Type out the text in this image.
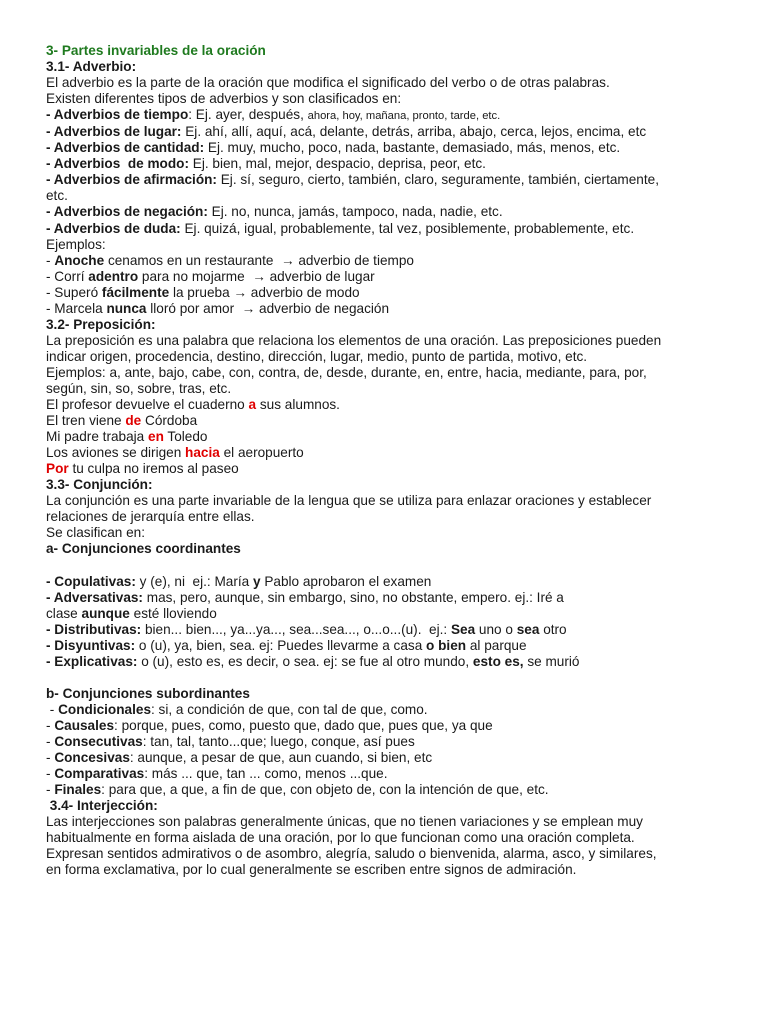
3- Partes invariables de la oración
3.1- Adverbio:
El adverbio es la parte de la oración que modifica el significado del verbo o de otras palabras.
Existen diferentes tipos de adverbios y son clasificados en:
- Adverbios de tiempo: Ej. ayer, después, ahora, hoy, mañana, pronto, tarde, etc.
- Adverbios de lugar: Ej. ahí, allí, aquí, acá, delante, detrás, arriba, abajo, cerca, lejos, encima, etc
- Adverbios de cantidad: Ej. muy, mucho, poco, nada, bastante, demasiado, más, menos, etc.
- Adverbios  de modo: Ej. bien, mal, mejor, despacio, deprisa, peor, etc.
- Adverbios de afirmación: Ej. sí, seguro, cierto, también, claro, seguramente, también, ciertamente,
etc.
- Adverbios de negación: Ej. no, nunca, jamás, tampoco, nada, nadie, etc.
- Adverbios de duda: Ej. quizá, igual, probablemente, tal vez, posiblemente, probablemente, etc.
Ejemplos:
- Anoche cenamos en un restaurante  → adverbio de tiempo
- Corrí adentro para no mojarme  → adverbio de lugar
- Superó fácilmente la prueba → adverbio de modo
- Marcela nunca lloró por amor  → adverbio de negación
3.2- Preposición:
La preposición es una palabra que relaciona los elementos de una oración. Las preposiciones pueden
indicar origen, procedencia, destino, dirección, lugar, medio, punto de partida, motivo, etc.
Ejemplos: a, ante, bajo, cabe, con, contra, de, desde, durante, en, entre, hacia, mediante, para, por,
según, sin, so, sobre, tras, etc.
El profesor devuelve el cuaderno a sus alumnos.
El tren viene de Córdoba
Mi padre trabaja en Toledo
Los aviones se dirigen hacia el aeropuerto
Por tu culpa no iremos al paseo
3.3- Conjunción:
La conjunción es una parte invariable de la lengua que se utiliza para enlazar oraciones y establecer
relaciones de jerarquía entre ellas.
Se clasifican en:
a- Conjunciones coordinantes
- Copulativas: y (e), ni  ej.: María y Pablo aprobaron el examen
- Adversativas: mas, pero, aunque, sin embargo, sino, no obstante, empero. ej.: Iré a
clase aunque esté lloviendo
- Distributivas: bien... bien..., ya...ya..., sea...sea..., o...o...(u).  ej.: Sea uno o sea otro
- Disyuntivas: o (u), ya, bien, sea. ej: Puedes llevarme a casa o bien al parque
- Explicativas: o (u), esto es, es decir, o sea. ej: se fue al otro mundo, esto es, se murió
b- Conjunciones subordinantes
- Condicionales: si, a condición de que, con tal de que, como.
- Causales: porque, pues, como, puesto que, dado que, pues que, ya que
- Consecutivas: tan, tal, tanto...que; luego, conque, así pues
- Concesivas: aunque, a pesar de que, aun cuando, si bien, etc
- Comparativas: más ... que, tan ... como, menos ...que.
- Finales: para que, a que, a fin de que, con objeto de, con la intención de que, etc.
3.4- Interjección:
Las interjecciones son palabras generalmente únicas, que no tienen variaciones y se emplean muy
habitualmente en forma aislada de una oración, por lo que funcionan como una oración completa.
Expresan sentidos admirativos o de asombro, alegría, saludo o bienvenida, alarma, asco, y similares,
en forma exclamativa, por lo cual generalmente se escriben entre signos de admiración.
